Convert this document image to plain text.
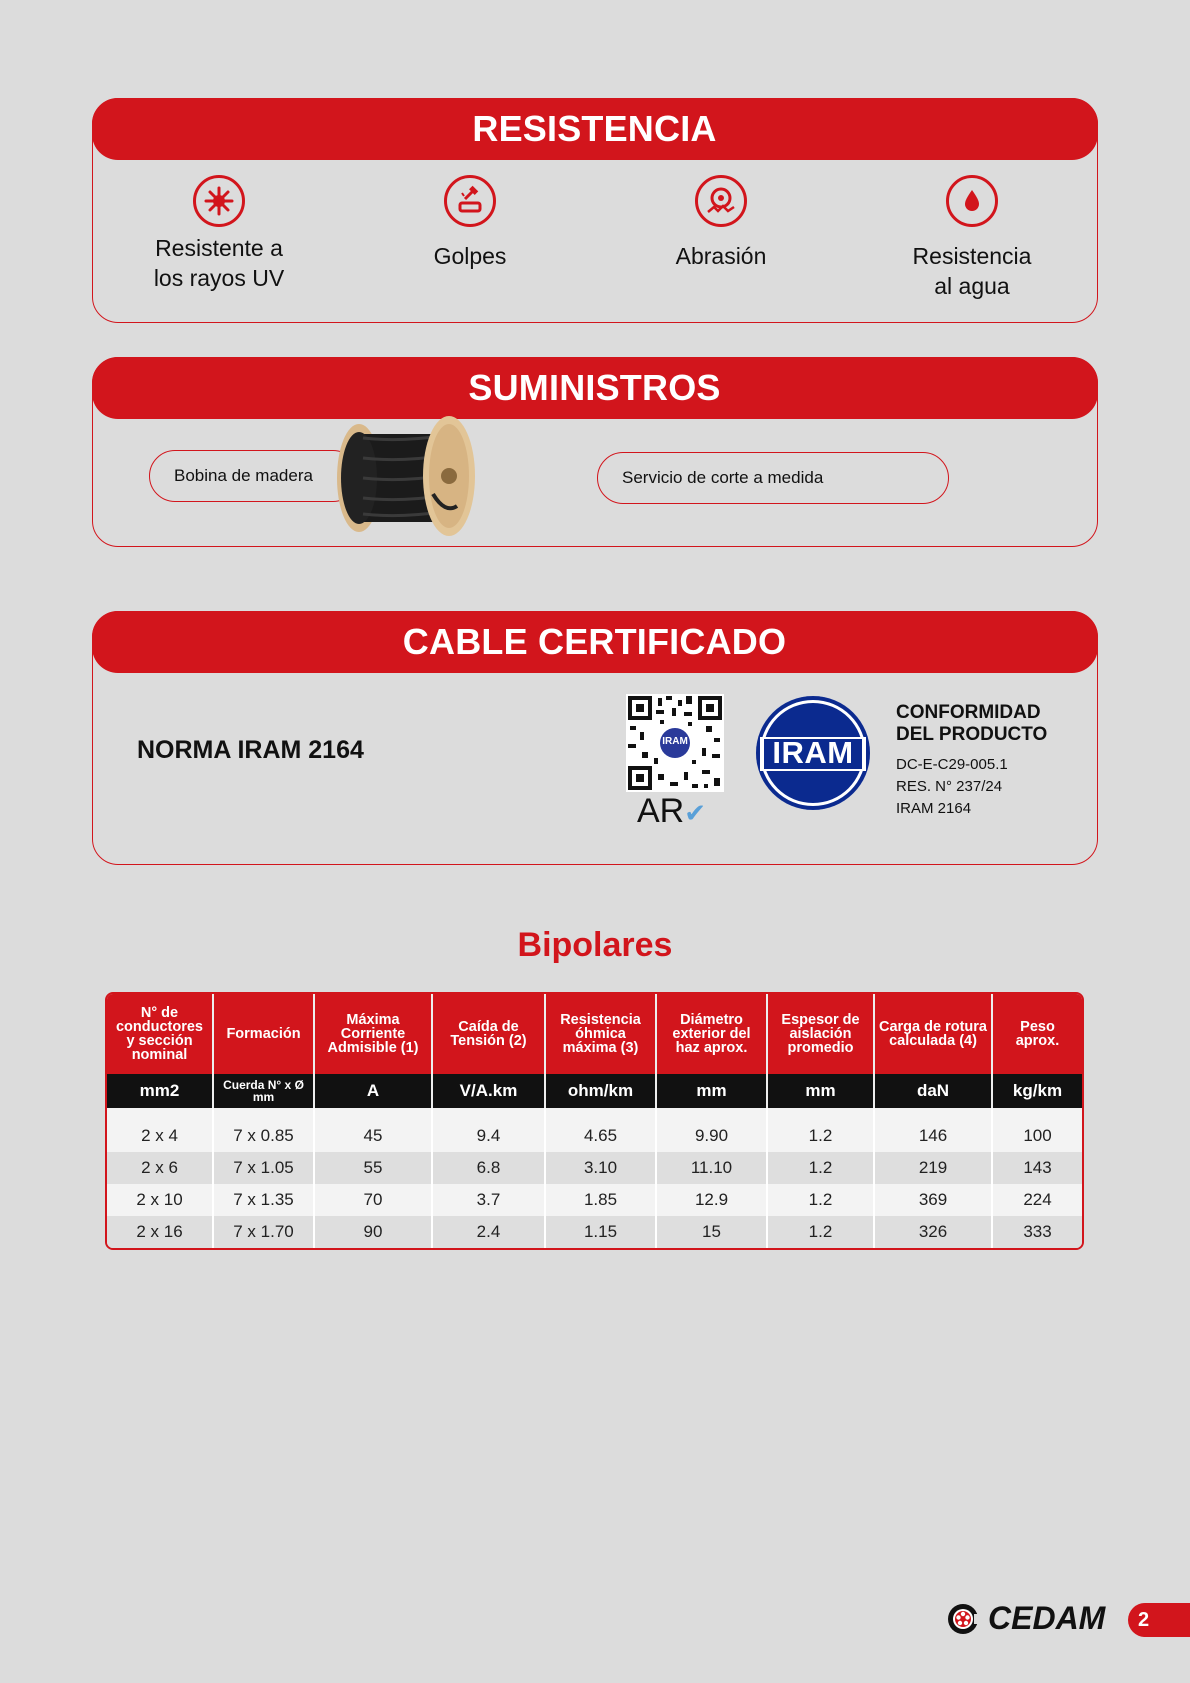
RESISTENCIA
Resistente a
los rayos UV
Golpes	Abrasión	Resistencia
al agua
SUMINISTROS
Bobina de madera	Servicio de corte a medida
CABLE CERTIFICADO
NORMA IRAM 2164	IRAM
AR✔
IRAM
CONFORMIDAD
DEL PRODUCTO
DC-E-C29-005.1
RES. N° 237/24
IRAM 2164
Bipolares
N° de conductores y sección nominal	Formación	Máxima Corriente Admisible (1)	Caída de Tensión (2)	Resistencia óhmica máxima (3)	Diámetro exterior del haz aprox.	Espesor de aislación promedio	Carga de rotura calculada (4)	Peso aprox.
mm2	Cuerda N° x Ø mm	A	V/A.km	ohm/km	mm	mm	daN	kg/km

2 x 4	7 x 0.85	45	9.4	4.65	9.90	1.2	146	100
2 x 6	7 x 1.05	55	6.8	3.10	11.10	1.2	219	143
2 x 10	7 x 1.35	70	3.7	1.85	12.9	1.2	369	224
2 x 16	7 x 1.70	90	2.4	1.15	15	1.2	326	333
CEDAM 2
